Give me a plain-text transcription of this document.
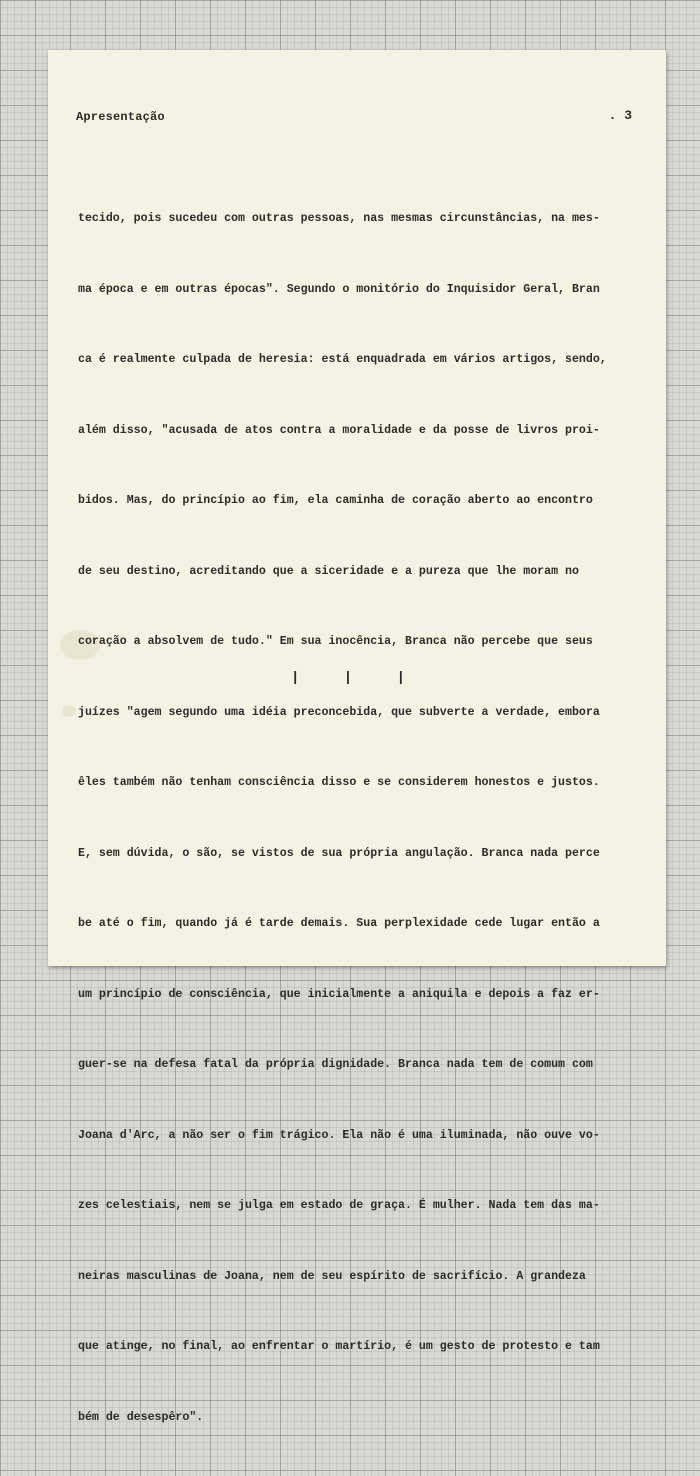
Apresentação	. 3

tecido, pois sucedeu com outras pessoas, nas mesmas circunstâncias, na mes-

ma época e em outras épocas". Segundo o monitório do Inquisidor Geral, Bran

ca é realmente culpada de heresia: está enquadrada em vários artigos, sendo,

além disso, "acusada de atos contra a moralidade e da posse de livros proi-

bidos. Mas, do princípio ao fim, ela caminha de coração aberto ao encontro

de seu destino, acreditando que a siceridade e a pureza que lhe moram no

coração a absolvem de tudo." Em sua inocência, Branca não percebe que seus

juízes "agem segundo uma idéia preconcebida, que subverte a verdade, embora

êles também não tenham consciência disso e se considerem honestos e justos.

E, sem dúvida, o são, se vistos de sua própria angulação. Branca nada perce

be até o fim, quando já é tarde demais. Sua perplexidade cede lugar então a

um princípio de consciência, que inicialmente a aniquila e depois a faz er-

guer-se na defesa fatal da própria dignidade. Branca nada tem de comum com

Joana d'Arc, a não ser o fim trágico. Ela não é uma iluminada, não ouve vo-

zes celestiais, nem se julga em estado de graça. É mulher. Nada tem das ma-

neiras masculinas de Joana, nem de seu espírito de sacrifício. A grandeza

que atinge, no final, ao enfrentar o martírio, é um gesto de protesto e tam

bém de desespêro".

| | |
